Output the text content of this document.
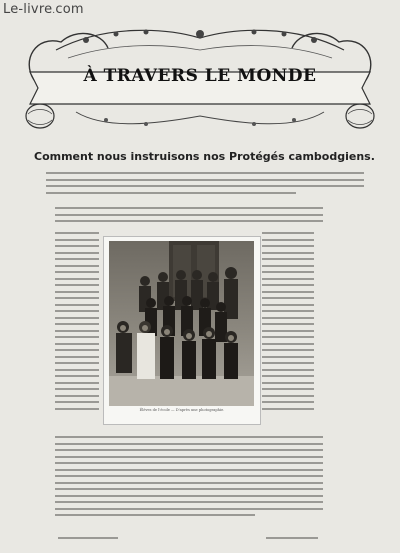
Le-livre.com
À TRAVERS LE MONDE
Comment nous instruisons nos Protégés cambodgiens.
Élèves de l'école — D'après une photographie.
